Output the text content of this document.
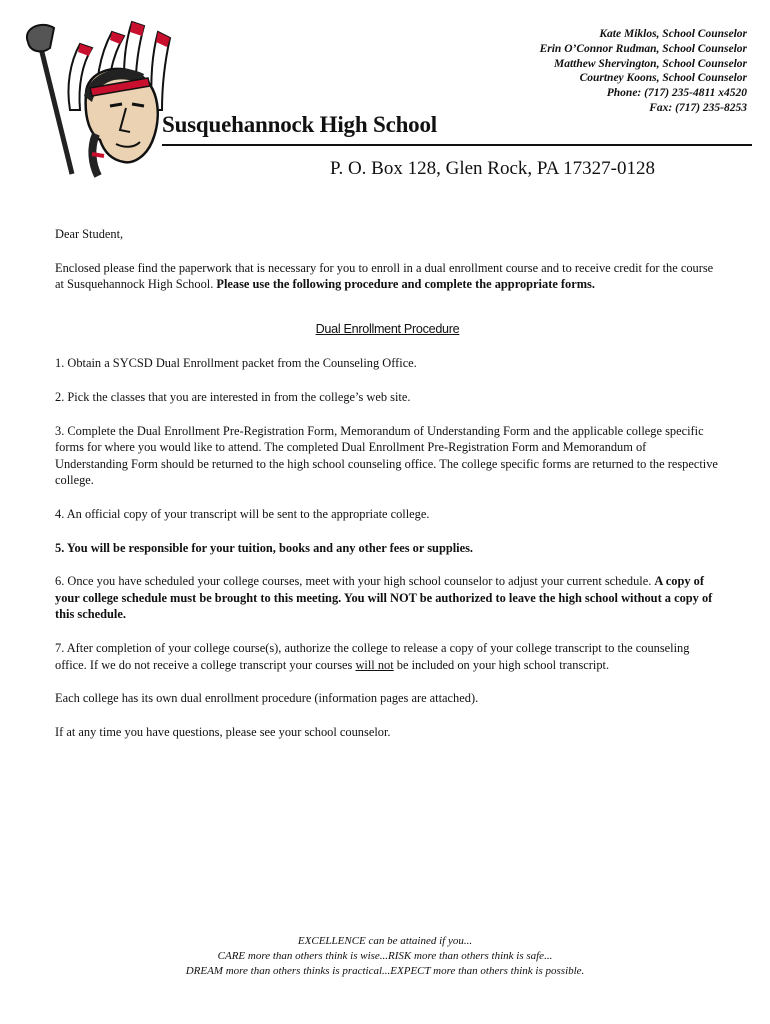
Kate Miklos, School Counselor
Erin O’Connor Rudman, School Counselor
Matthew Shervington, School Counselor
Courtney Koons, School Counselor
Phone: (717) 235-4811 x4520
Fax: (717) 235-8253
Susquehannock High School
P. O. Box 128, Glen Rock, PA 17327-0128

Dear Student,

Enclosed please find the paperwork that is necessary for you to enroll in a dual enrollment course and to receive credit for the course at Susquehannock High School. Please use the following procedure and complete the appropriate forms.

Dual Enrollment Procedure

1. Obtain a SYCSD Dual Enrollment packet from the Counseling Office.

2. Pick the classes that you are interested in from the college’s web site.

3. Complete the Dual Enrollment Pre-Registration Form, Memorandum of Understanding Form and the applicable college specific forms for where you would like to attend. The completed Dual Enrollment Pre-Registration Form and Memorandum of Understanding Form should be returned to the high school counseling office. The college specific forms are returned to the respective college.

4. An official copy of your transcript will be sent to the appropriate college.

5. You will be responsible for your tuition, books and any other fees or supplies.

6. Once you have scheduled your college courses, meet with your high school counselor to adjust your current schedule. A copy of your college schedule must be brought to this meeting. You will NOT be authorized to leave the high school without a copy of this schedule.

7. After completion of your college course(s), authorize the college to release a copy of your college transcript to the counseling office. If we do not receive a college transcript your courses will not be included on your high school transcript.

Each college has its own dual enrollment procedure (information pages are attached).

If at any time you have questions, please see your school counselor.

EXCELLENCE can be attained if you...
CARE more than others think is wise...RISK more than others think is safe...
DREAM more than others thinks is practical...EXPECT more than others think is possible.
